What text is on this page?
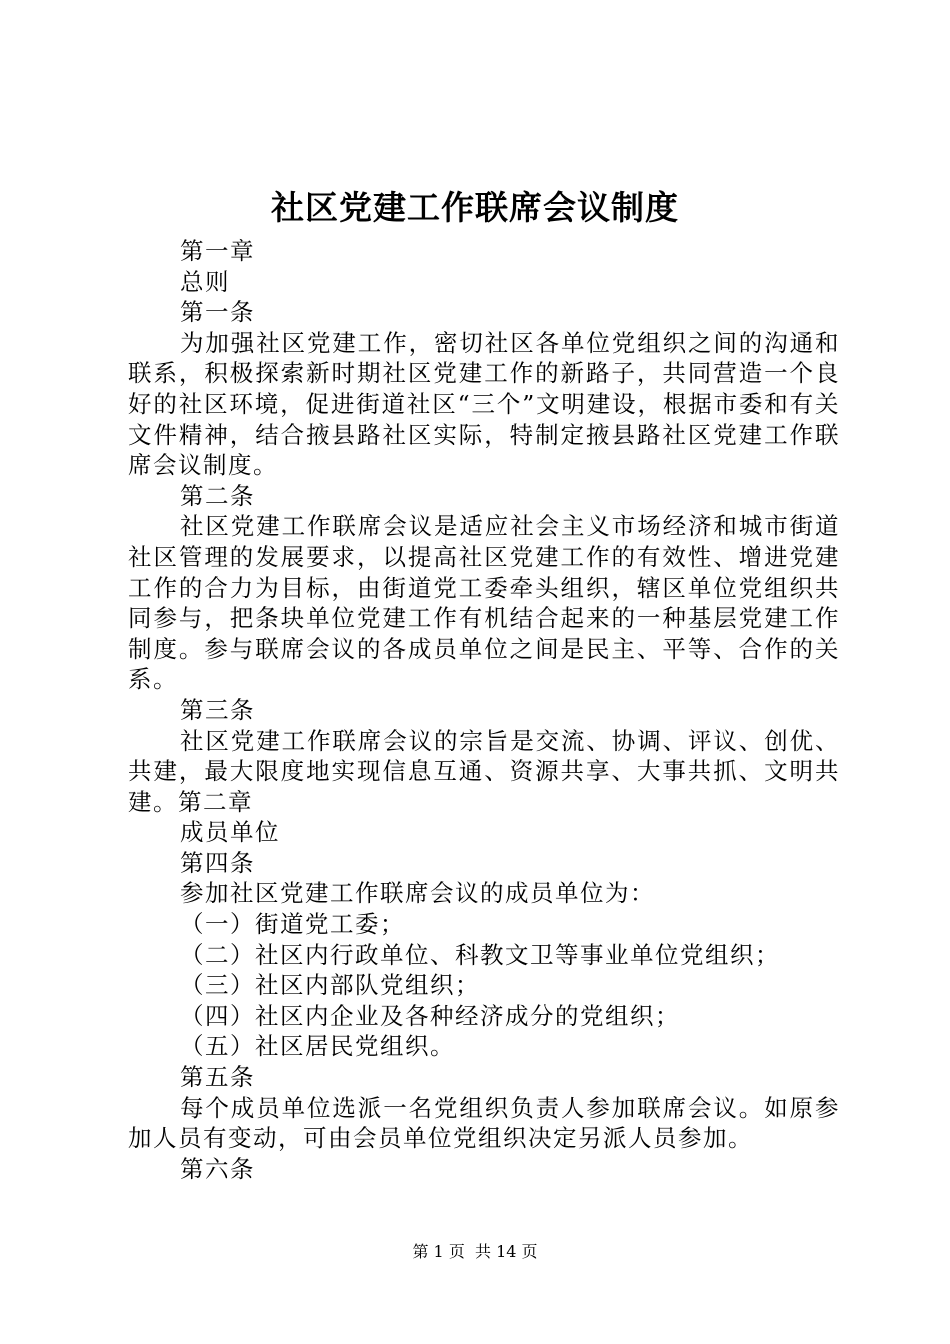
社区党建工作联席会议制度

第一章

总则

第一条

为加强社区党建工作，密切社区各单位党组织之间的沟通和联系，积极探索新时期社区党建工作的新路子，共同营造一个良好的社区环境，促进街道社区“三个”文明建设，根据市委和有关文件精神，结合掖县路社区实际，特制定掖县路社区党建工作联席会议制度。

第二条

社区党建工作联席会议是适应社会主义市场经济和城市街道社区管理的发展要求，以提高社区党建工作的有效性、增进党建工作的合力为目标，由街道党工委牵头组织，辖区单位党组织共同参与，把条块单位党建工作有机结合起来的一种基层党建工作制度。参与联席会议的各成员单位之间是民主、平等、合作的关系。

第三条

社区党建工作联席会议的宗旨是交流、协调、评议、创优、共建，最大限度地实现信息互通、资源共享、大事共抓、文明共建。第二章

成员单位

第四条

参加社区党建工作联席会议的成员单位为：

（一）街道党工委；

（二）社区内行政单位、科教文卫等事业单位党组织；

（三）社区内部队党组织；

（四）社区内企业及各种经济成分的党组织；

（五）社区居民党组织。

第五条

每个成员单位选派一名党组织负责人参加联席会议。如原参加人员有变动，可由会员单位党组织决定另派人员参加。

第六条

第 1 页  共 14 页
